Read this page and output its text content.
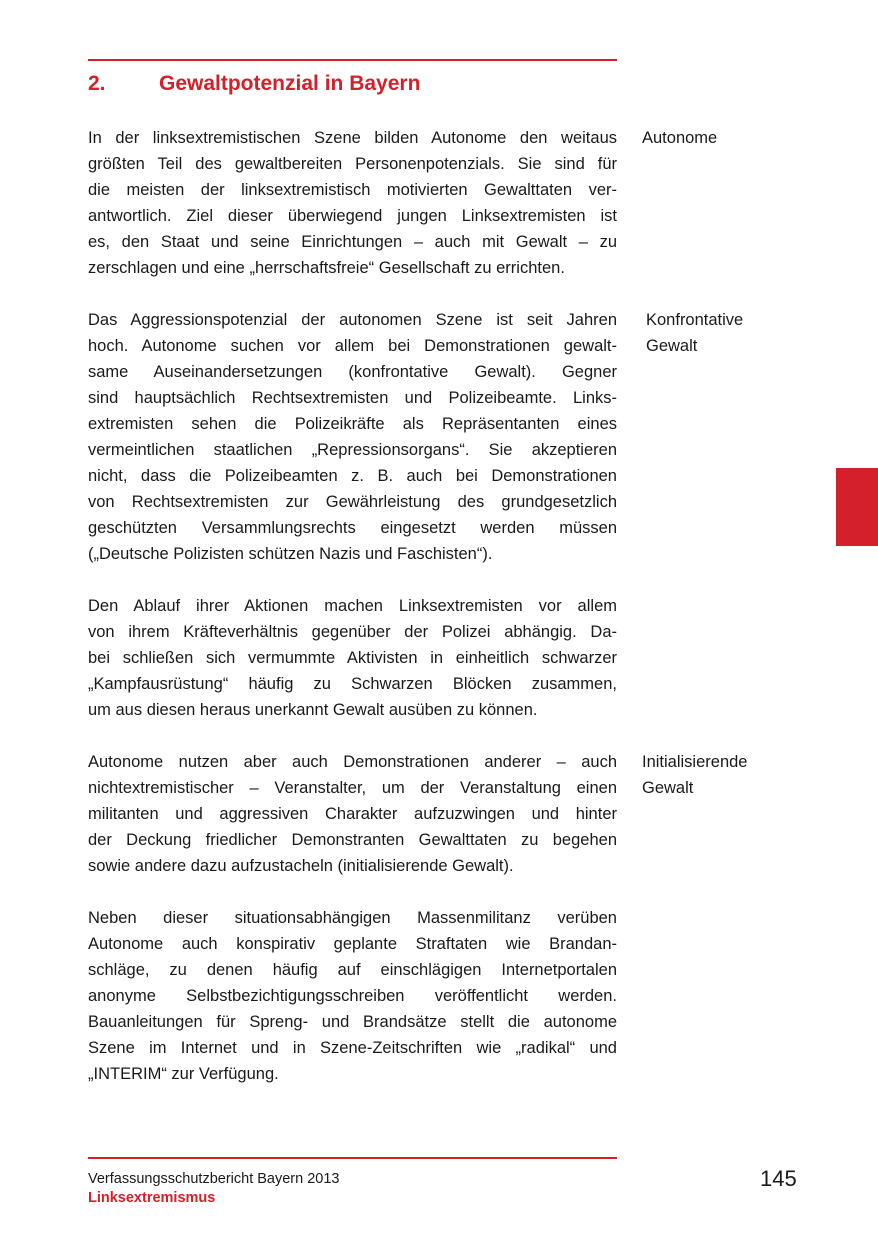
2.	Gewaltpotenzial in Bayern

In der linksextremistischen Szene bilden Autonome den weitaus
größten Teil des gewaltbereiten Personenpotenzials. Sie sind für
die meisten der linksextremistisch motivierten Gewalttaten ver-
antwortlich. Ziel dieser überwiegend jungen Linksextremisten ist
es, den Staat und seine Einrichtungen – auch mit Gewalt – zu
zerschlagen und eine „herrschaftsfreie“ Gesellschaft zu errichten.

Das Aggressionspotenzial der autonomen Szene ist seit Jahren
hoch. Autonome suchen vor allem bei Demonstrationen gewalt-
same Auseinandersetzungen (konfrontative Gewalt). Gegner
sind hauptsächlich Rechtsextremisten und Polizeibeamte. Links-
extremisten sehen die Polizeikräfte als Repräsentanten eines
vermeintlichen staatlichen „Repressionsorgans“. Sie akzeptieren
nicht, dass die Polizeibeamten z. B. auch bei Demonstrationen
von Rechtsextremisten zur Gewährleistung des grundgesetzlich
geschützten Versammlungsrechts eingesetzt werden müssen
(„Deutsche Polizisten schützen Nazis und Faschisten“).

Den Ablauf ihrer Aktionen machen Linksextremisten vor allem
von ihrem Kräfteverhältnis gegenüber der Polizei abhängig. Da-
bei schließen sich vermummte Aktivisten in einheitlich schwarzer
„Kampfausrüstung“ häufig zu Schwarzen Blöcken zusammen,
um aus diesen heraus unerkannt Gewalt ausüben zu können.

Autonome nutzen aber auch Demonstrationen anderer – auch
nichtextremistischer – Veranstalter, um der Veranstaltung einen
militanten und aggressiven Charakter aufzuzwingen und hinter
der Deckung friedlicher Demonstranten Gewalttaten zu begehen
sowie andere dazu aufzustacheln (initialisierende Gewalt).

Neben dieser situationsabhängigen Massenmilitanz verüben
Autonome auch konspirativ geplante Straftaten wie Brandan-
schläge, zu denen häufig auf einschlägigen Internetportalen
anonyme Selbstbezichtigungsschreiben veröffentlicht werden.
Bauanleitungen für Spreng- und Brandsätze stellt die autonome
Szene im Internet und in Szene-Zeitschriften wie „radikal“ und
„INTERIM“ zur Verfügung.

Autonome
Konfrontative
Gewalt
Initialisierende
Gewalt
Verfassungsschutzbericht Bayern 2013
Linksextremismus
145
